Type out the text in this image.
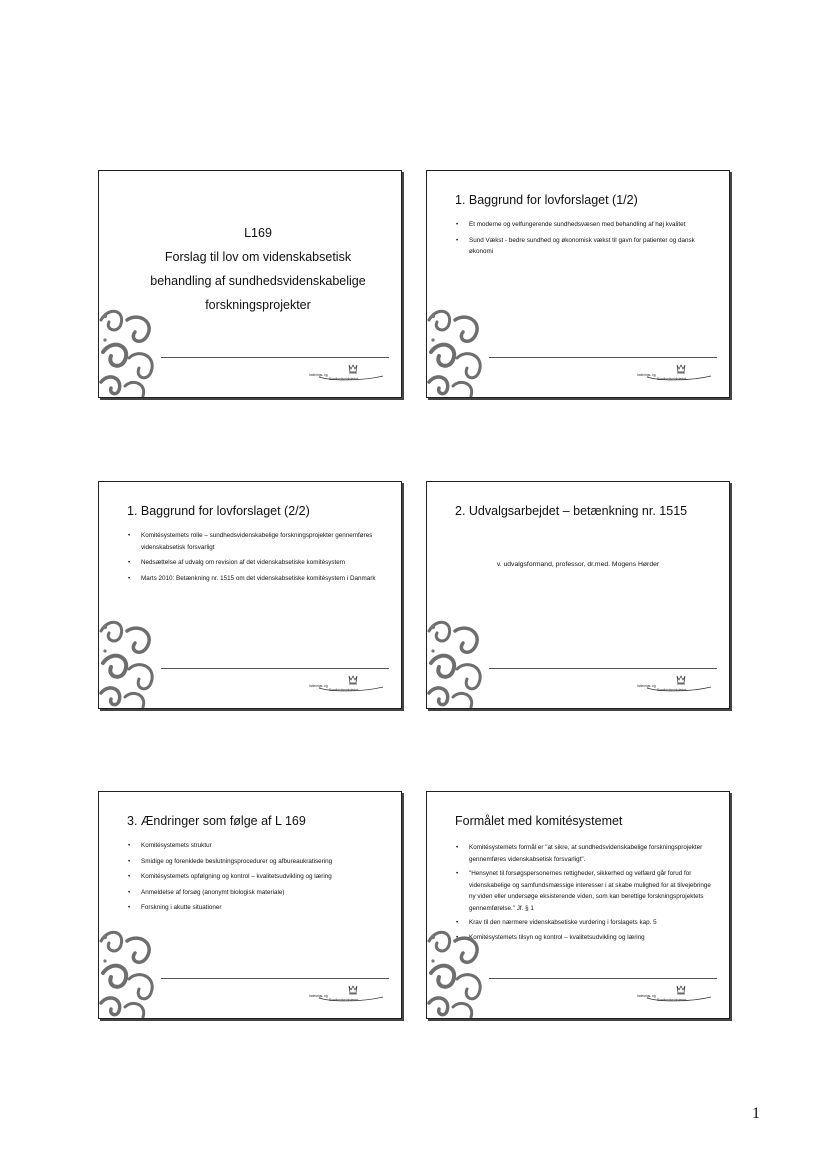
L169
Forslag til lov om videnskabsetisk
behandling af sundhedsvidenskabelige
forskningsprojekter
Indenrigs- og
Sundhedsministeriet
1. Baggrund for lovforslaget (1/2)
• Et moderne og velfungerende sundhedsvæsen med behandling af høj kvalitet
• Sund Vækst - bedre sundhed og økonomisk vækst til gavn for patienter og dansk økonomi
Indenrigs- og
Sundhedsministeriet
1. Baggrund for lovforslaget (2/2)
• Komitésystemets rolle – sundhedsvidenskabelige forskningsprojekter gennemføres videnskabsetisk forsvarligt
• Nedsættelse af udvalg om revision af det videnskabsetiske komitésystem
• Marts 2010: Betænkning nr. 1515 om det videnskabsetiske komitésystem i Danmark
Indenrigs- og
Sundhedsministeriet
2. Udvalgsarbejdet – betænkning nr. 1515
v. udvalgsformand, professor, dr.med. Mogens Hørder
Indenrigs- og
Sundhedsministeriet
3. Ændringer som følge af L 169
• Komitésystemets struktur
• Smidige og forenklede beslutningsprocedurer og afbureaukratisering
• Komitésystemets opfølgning og kontrol – kvalitetsudvikling og læring
• Anmeldelse af forsøg (anonymt biologisk materiale)
• Forskning i akutte situationer
Indenrigs- og
Sundhedsministeriet
Formålet med komitésystemet
• Komitésystemets formål er "at sikre, at sundhedsvidenskabelige forskningsprojekter gennemføres videnskabsetisk forsvarligt".
• "Hensynet til forsøgspersonernes rettigheder, sikkerhed og velfærd går forud for videnskabelige og samfundsmæssige interesser i at skabe mulighed for at tilvejebringe ny viden eller undersøge eksisterende viden, som kan berettige forskningsprojektets gennemførelse." Jf. § 1
• Krav til den nærmere videnskabsetiske vurdering i forslagets kap. 5
• Komitésystemets tilsyn og kontrol – kvalitetsudvikling og læring
Indenrigs- og
Sundhedsministeriet
1
